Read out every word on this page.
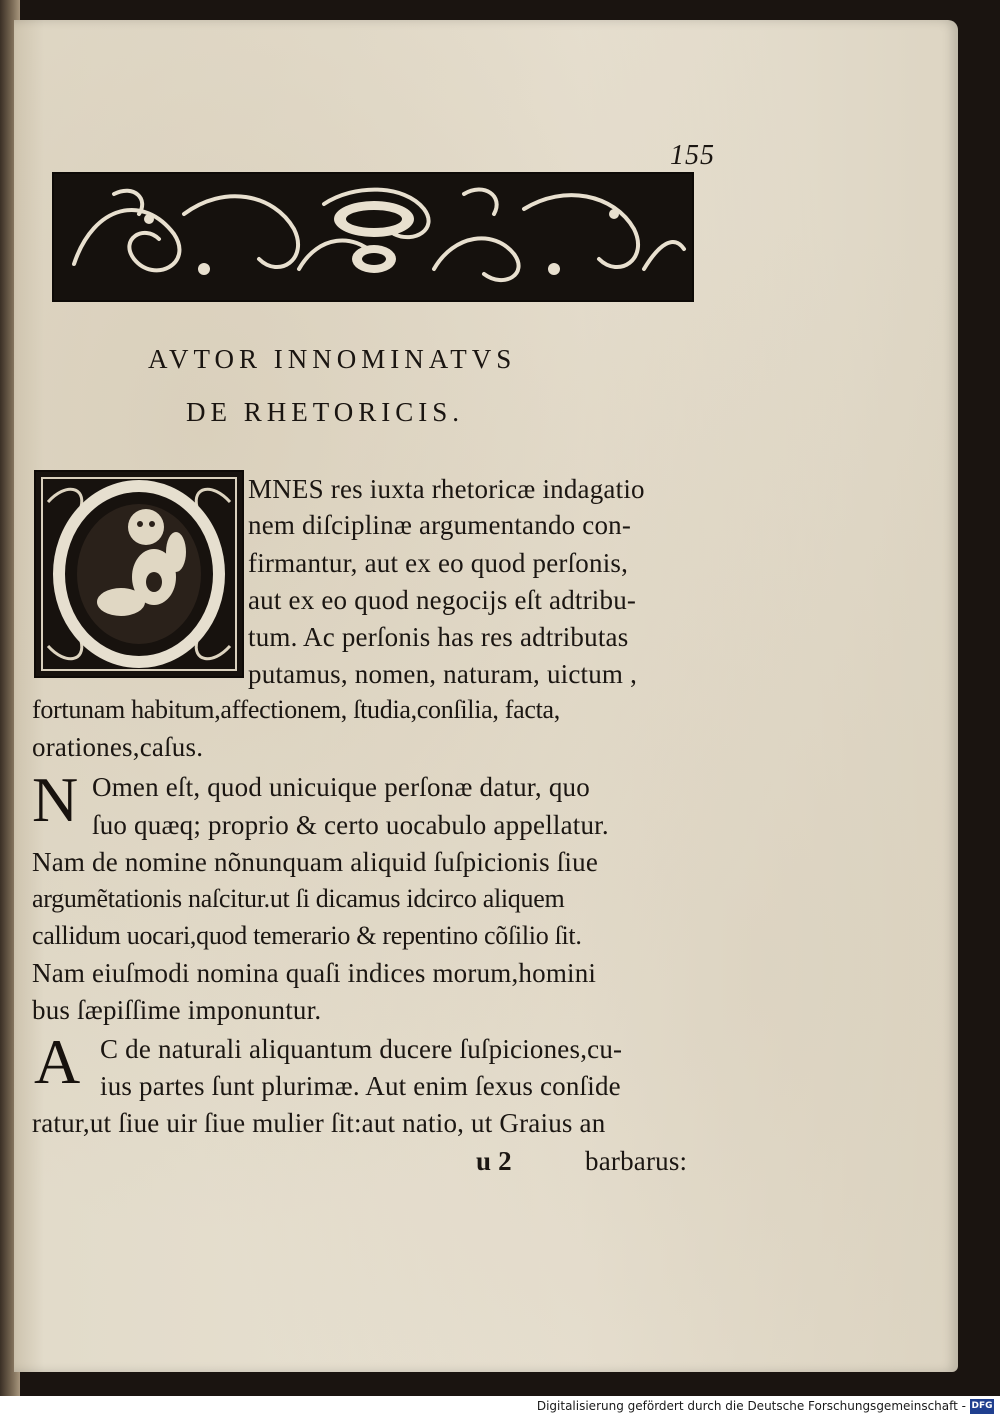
155
AVTOR INNOMINATVS
DE RHETORICIS.
MNES res iuxta rhetoricæ indagatio
nem diſciplinæ argumentando con-
firmantur, aut ex eo quod perſonis,
aut ex eo quod negocijs eſt adtribu-
tum. Ac perſonis has res adtributas
putamus, nomen, naturam, uictum ,
fortunam habitum,affectionem, ſtudia,conſilia, facta,
orationes,caſus.
N Omen eſt, quod unicuique perſonæ datur, quo
ſuo quæq; proprio & certo uocabulo appellatur.
Nam de nomine nõnunquam aliquid ſuſpicionis ſiue
argumẽtationis naſcitur.ut ſi dicamus idcirco aliquem
callidum uocari,quod temerario & repentino cõſilio ſit.
Nam eiuſmodi nomina quaſi indices morum,homini
bus ſæpiſſime imponuntur.
A C de naturali aliquantum ducere ſuſpiciones,cu-
ius partes ſunt plurimæ. Aut enim ſexus conſide
ratur,ut ſiue uir ſiue mulier ſit:aut natio, ut Graius an
u 2	barbarus:
Digitalisierung gefördert durch die Deutsche Forschungsgemeinschaft - DFG
